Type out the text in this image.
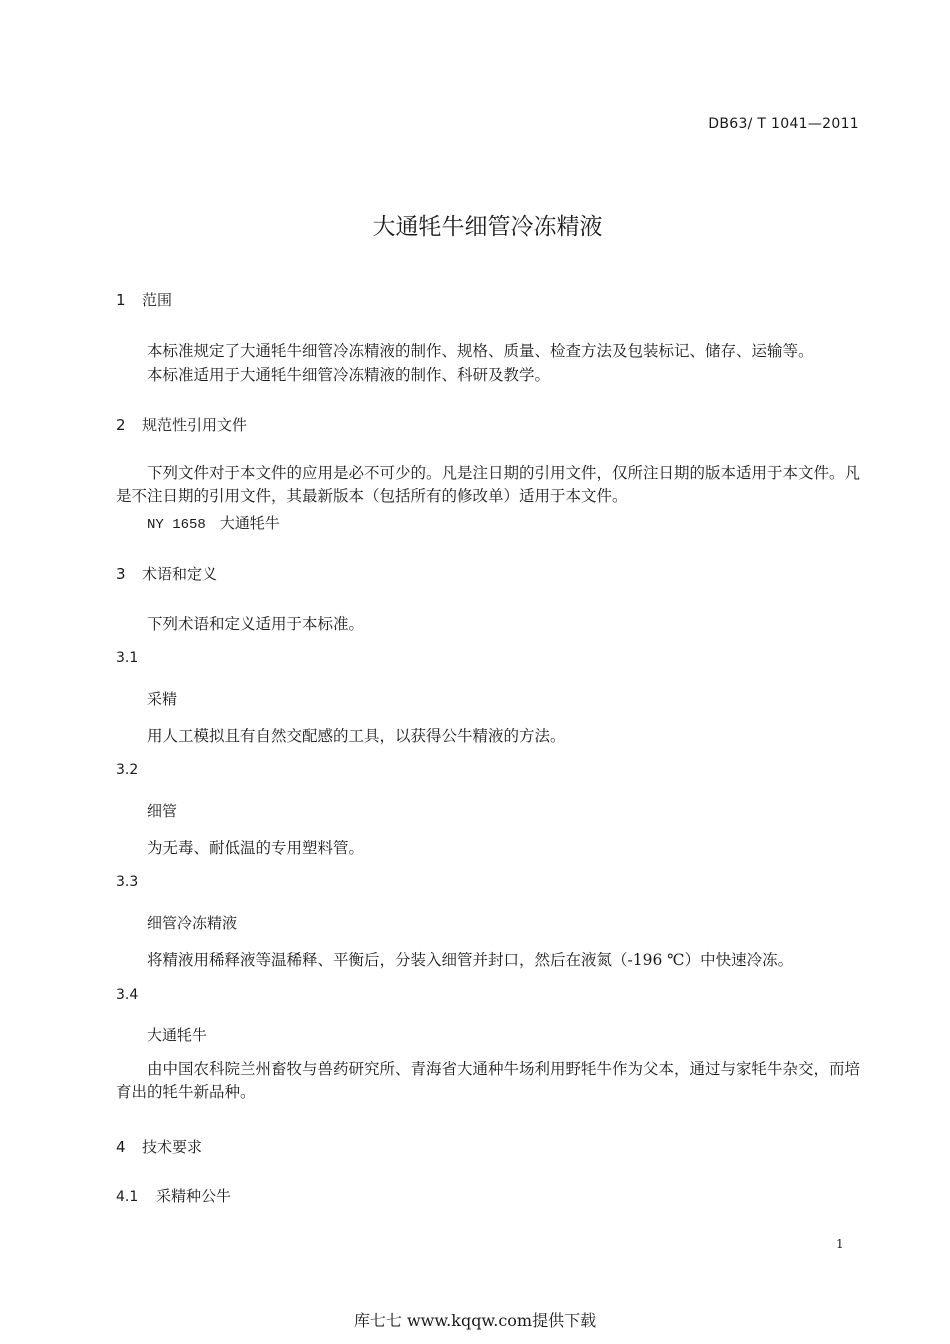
DB63/ T 1041—2011
大通牦牛细管冷冻精液
1 范围
本标准规定了大通牦牛细管冷冻精液的制作、规格、质量、检查方法及包装标记、储存、运输等。
本标准适用于大通牦牛细管冷冻精液的制作、科研及教学。
2 规范性引用文件
下列文件对于本文件的应用是必不可少的。凡是注日期的引用文件，仅所注日期的版本适用于本文件。凡是不注日期的引用文件，其最新版本（包括所有的修改单）适用于本文件。
NY 1658 大通牦牛
3 术语和定义
下列术语和定义适用于本标准。
3.1
采精
用人工模拟且有自然交配感的工具，以获得公牛精液的方法。
3.2
细管
为无毒、耐低温的专用塑料管。
3.3
细管冷冻精液
将精液用稀释液等温稀释、平衡后，分装入细管并封口，然后在液氮（-196 ℃）中快速冷冻。
3.4
大通牦牛
由中国农科院兰州畜牧与兽药研究所、青海省大通种牛场利用野牦牛作为父本，通过与家牦牛杂交，而培育出的牦牛新品种。
4 技术要求
4.1 采精种公牛
1
库七七 www.kqqw.com提供下载
